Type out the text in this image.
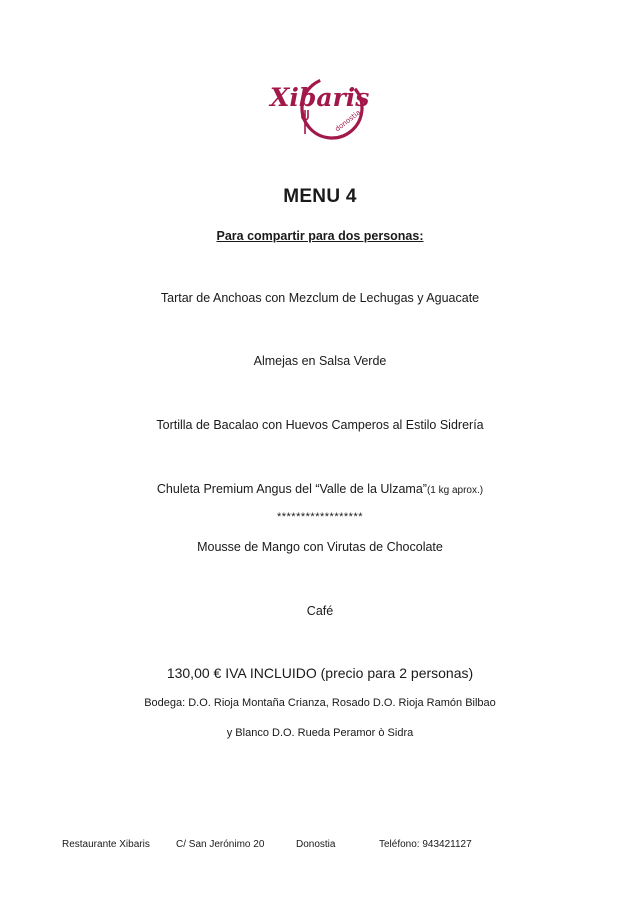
Xibaris
donostia
MENU 4
Para compartir para dos personas:
Tartar de Anchoas con Mezclum de Lechugas y Aguacate
Almejas en Salsa Verde
Tortilla de Bacalao con Huevos Camperos al Estilo Sidrería
Chuleta Premium Angus del “Valle de la Ulzama”(1 kg aprox.)
******************
Mousse de Mango con Virutas de Chocolate
Café
130,00 € IVA INCLUIDO (precio para 2 personas)
Bodega: D.O. Rioja Montaña Crianza, Rosado D.O. Rioja Ramón Bilbao
y Blanco D.O. Rueda Peramor ò Sidra
Restaurante Xibaris	C/ San Jerónimo 20	Donostia	Teléfono: 943421127
